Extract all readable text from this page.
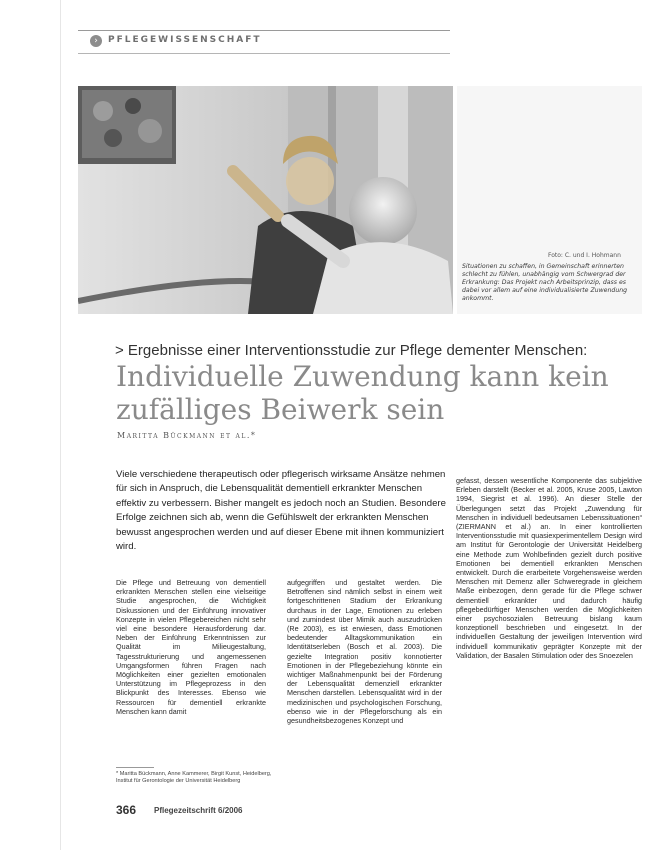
›	PFLEGEWISSENSCHAFT
Foto: C. und I. Hohmann
Situationen zu schaffen, in Gemeinschaft erinnerten schlecht zu fühlen, unabhängig vom Schwergrad der Erkrankung: Das Projekt nach Arbeitsprinzip, dass es dabei vor allem auf eine individualisierte Zuwendung ankommt.
> Ergebnisse einer Interventionsstudie zur Pflege dementer Menschen:
Individuelle Zuwendung kann kein zufälliges Beiwerk sein
Maritta Bückmann et al.*
Viele verschiedene therapeutisch oder pflegerisch wirksame Ansätze nehmen für sich in Anspruch, die Lebensqualität dementiell erkrankter Menschen effektiv zu verbessern. Bisher mangelt es jedoch noch an Studien. Besondere Erfolge zeichnen sich ab, wenn die Gefühlswelt der erkrankten Menschen bewusst angesprochen werden und auf dieser Ebene mit ihnen kommuniziert wird.
Die Pflege und Betreuung von dementiell erkrankten Menschen stellen eine vielseitige Studie angesprochen, die Wichtigkeit Diskussionen und der Einführung innovativer Konzepte in vielen Pflegebereichen nicht sehr viel eine besondere Herausforderung dar. Neben der Einführung Erkenntnissen zur Qualität im Milieugestaltung, Tagesstrukturierung und angemessenen Umgangsformen führen Fragen nach Möglichkeiten einer gezielten emotionalen Unterstützung im Pflegeprozess in den Blickpunkt des Interesses. Ebenso wie Ressourcen für dementiell erkrankte Menschen kann damit
aufgegriffen und gestaltet werden. Die Betroffenen sind nämlich selbst in einem weit fortgeschrittenen Stadium der Erkrankung durchaus in der Lage, Emotionen zu erleben und zumindest über Mimik auch auszudrücken (Re 2003), es ist erwiesen, dass Emotionen bedeutender Alltagskommunikation ein Identitätserleben (Bosch et al. 2003). Die gezielte Integration positiv konnotierter Emotionen in der Pflegebeziehung könnte ein wichtiger Maßnahmenpunkt bei der Förderung der Lebensqualität demenziell erkrankter Menschen darstellen. Lebensqualität wird in der medizinischen und psychologischen Forschung, ebenso wie in der Pflegeforschung als ein gesundheitsbezogenes Konzept und
gefasst, dessen wesentliche Komponente das subjektive Erleben darstellt (Becker et al. 2005, Kruse 2005, Lawton 1994, Siegrist et al. 1996). An dieser Stelle der Überlegungen setzt das Projekt „Zuwendung für Menschen in individuell bedeutsamen Lebenssituationen“ (ZIERMANN et al.) an. In einer kontrollierten Interventionsstudie mit quasiexperimentellem Design wird am Institut für Gerontologie der Universität Heidelberg eine Methode zum Wohlbefinden gezielt durch positive Emotionen bei dementiell erkrankten Menschen entwickelt. Durch die erarbeitete Vorgehensweise werden Menschen mit Demenz aller Schweregrade in gleichem Maße einbezogen, denn gerade für die Pflege schwer dementiell erkrankter und dadurch häufig pflegebedürftiger Menschen werden die Möglichkeiten einer psychosozialen Betreuung bislang kaum konzeptionell beschrieben und eingesetzt. In der individuellen Gestaltung der jeweiligen Intervention wird individuell kommunikativ geprägter Konzepte mit der Validation, der Basalen Stimulation oder des Snoezelen
* Maritta Bückmann, Anne Kammerer, Birgit Kunst, Heidelberg, Institut für Gerontologie der Universität Heidelberg
366 Pflegezeitschrift 6/2006
